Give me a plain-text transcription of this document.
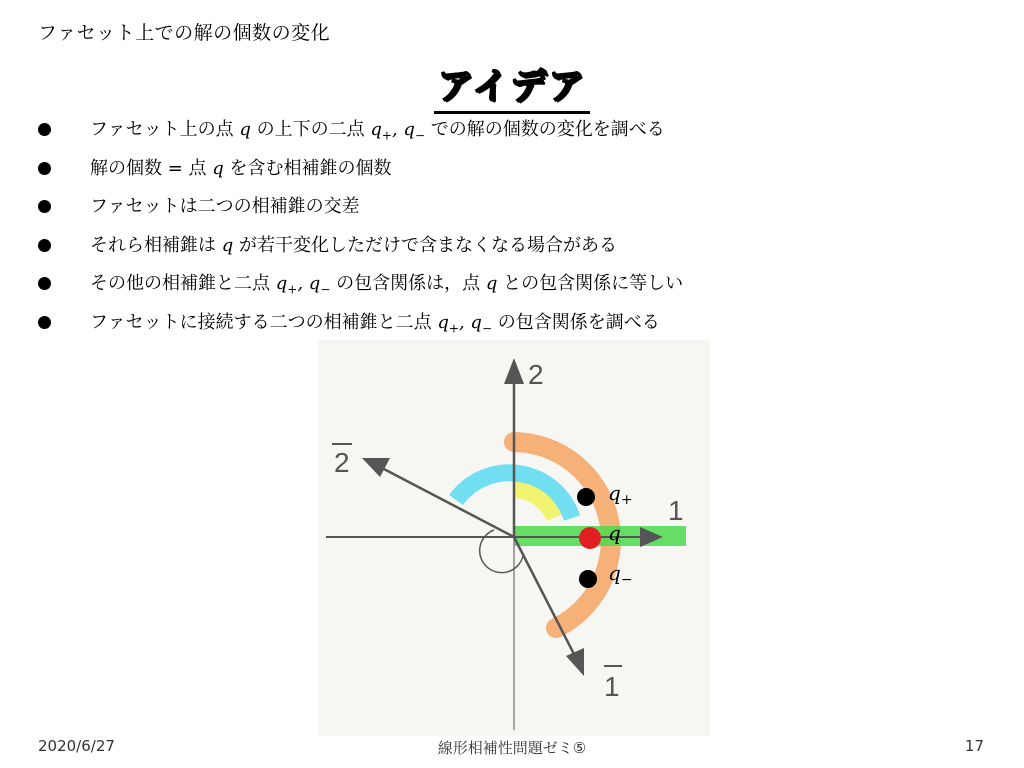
ファセット上での解の個数の変化
アイデア
ファセット上の点 q の上下の二点 $q_+$, $q_-$ での解の個数の変化を調べる
解の個数 = 点 q を含む相補錐の個数
ファセットは二つの相補錐の交差
それら相補錐は q が若干変化しただけで含まなくなる場合がある
その他の相補錐と二点 $q_+$, $q_-$ の包含関係は，点 q との包含関係に等しい
ファセットに接続する二つの相補錐と二点 $q_+$, $q_-$ の包含関係を調べる
2
1
2
1
$q_+$
q
$q_-$
2020/6/27	線形相補性問題ゼミ⑤	17
